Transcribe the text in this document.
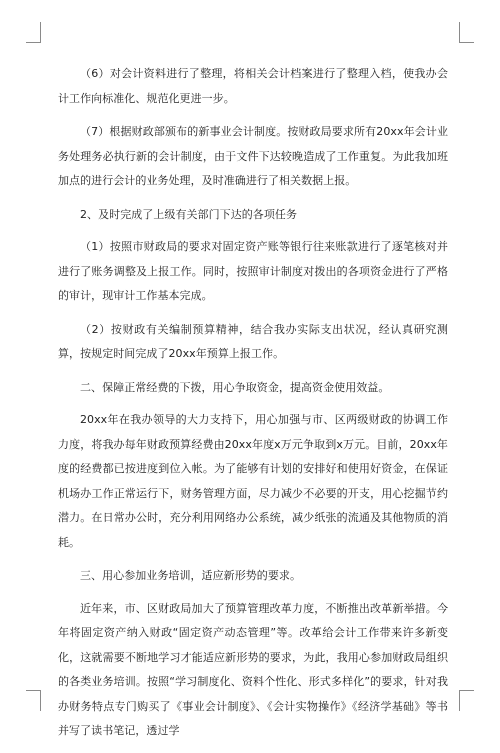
（6）对会计资料进行了整理，将相关会计档案进行了整理入档，使我办会计工作向标准化、规范化更进一步。

（7）根据财政部颁布的新事业会计制度。按财政局要求所有20xx年会计业务处理务必执行新的会计制度，由于文件下达较晚造成了工作重复。为此我加班加点的进行会计的业务处理，及时准确进行了相关数据上报。

2、及时完成了上级有关部门下达的各项任务

（1）按照市财政局的要求对固定资产账等银行往来账款进行了逐笔核对并进行了账务调整及上报工作。同时，按照审计制度对拨出的各项资金进行了严格的审计，现审计工作基本完成。

（2）按财政有关编制预算精神，结合我办实际支出状况，经认真研究测算，按规定时间完成了20xx年预算上报工作。

二、保障正常经费的下拨，用心争取资金，提高资金使用效益。

20xx年在我办领导的大力支持下，用心加强与市、区两级财政的协调工作力度，将我办每年财政预算经费由20xx年度x万元争取到x万元。目前，20xx年度的经费都已按进度到位入帐。为了能够有计划的安排好和使用好资金，在保证机场办工作正常运行下，财务管理方面，尽力减少不必要的开支，用心挖掘节约潜力。在日常办公时，充分利用网络办公系统，减少纸张的流通及其他物质的消耗。

三、用心参加业务培训，适应新形势的要求。

近年来，市、区财政局加大了预算管理改革力度，不断推出改革新举措。今年将固定资产纳入财政“固定资产动态管理”等。改革给会计工作带来许多新变化，这就需要不断地学习才能适应新形势的要求，为此，我用心参加财政局组织的各类业务培训。按照“学习制度化、资料个性化、形式多样化”的要求，针对我办财务特点专门购买了《事业会计制度》、《会计实物操作》《经济学基础》等书并写了读书笔记，透过学
